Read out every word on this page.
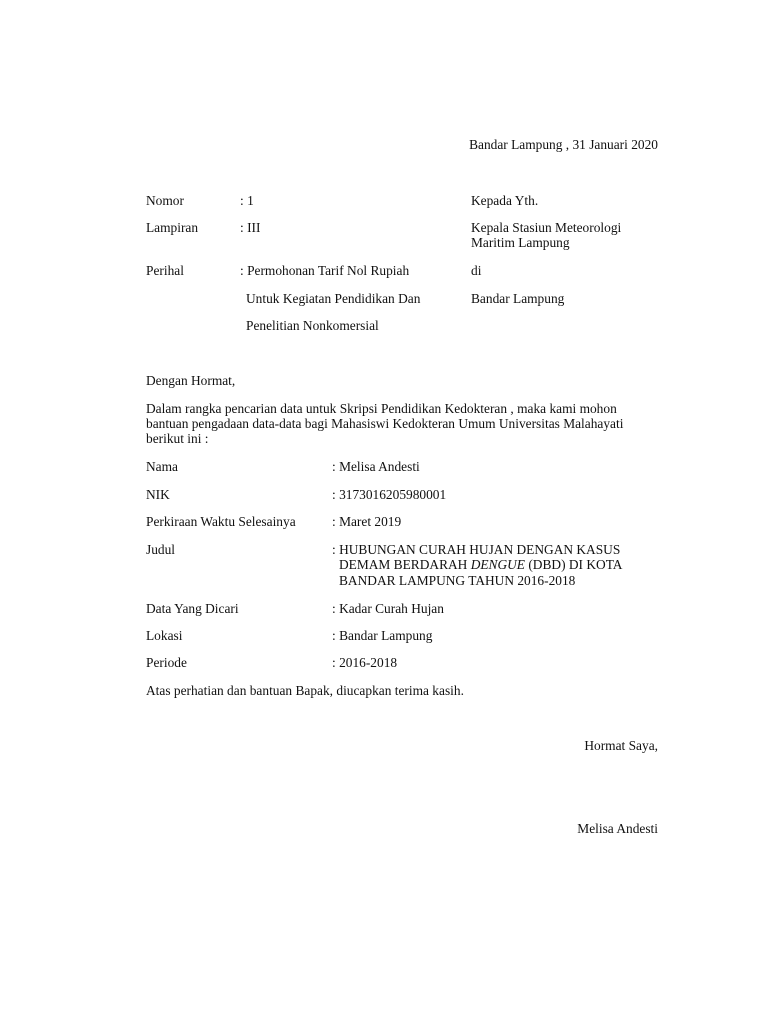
Bandar Lampung , 31 Januari 2020
Nomor	: 1
Lampiran	: III
Perihal	: Permohonan Tarif Nol Rupiah
Untuk Kegiatan Pendidikan Dan
Penelitian Nonkomersial
Kepada Yth.
Kepala Stasiun Meteorologi
Maritim Lampung
di
Bandar Lampung
Dengan Hormat,
Dalam rangka pencarian data untuk Skripsi Pendidikan Kedokteran , maka kami mohon
bantuan pengadaan data-data bagi Mahasiswi Kedokteran Umum Universitas Malahayati
berikut ini :
Nama	: Melisa Andesti
NIK	: 3173016205980001
Perkiraan Waktu Selesainya	: Maret 2019
Judul	: HUBUNGAN CURAH HUJAN DENGAN KASUS
DEMAM BERDARAH DENGUE (DBD) DI KOTA
BANDAR LAMPUNG TAHUN 2016-2018
Data Yang Dicari	: Kadar Curah Hujan
Lokasi	: Bandar Lampung
Periode	: 2016-2018
Atas perhatian dan bantuan Bapak, diucapkan terima kasih.
Hormat Saya,
Melisa Andesti
